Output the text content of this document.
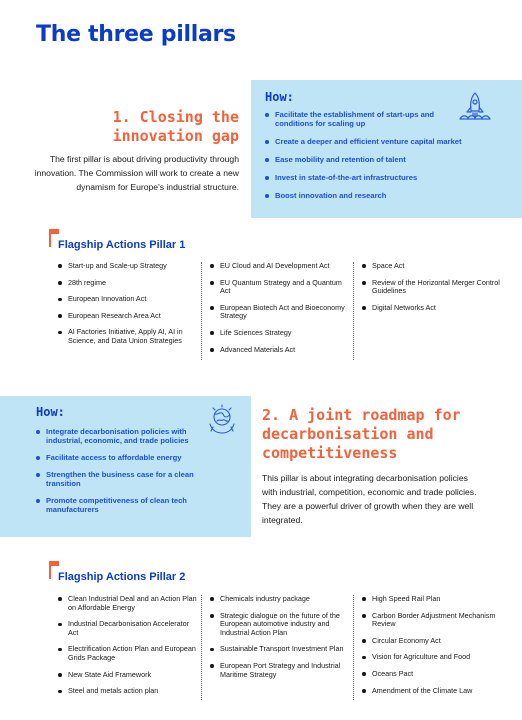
The three pillars
1. Closing the
innovation gap
The first pillar is about driving productivity through innovation. The Commission will work to create a new dynamism for Europe's industrial structure.
How:
Facilitate the establishment of start-ups and conditions for scaling up
Create a deeper and efficient venture capital market
Ease mobility and retention of talent
Invest in state-of-the-art infrastructures
Boost innovation and research
Flagship Actions Pillar 1
Start-up and Scale-up Strategy
28th regime
European Innovation Act
European Research Area Act
AI Factories Initiative, Apply AI, AI in Science, and Data Union Strategies
EU Cloud and AI Development Act
EU Quantum Strategy and a Quantum Act
European Biotech Act and Bioeconomy Strategy
Life Sciences Strategy
Advanced Materials Act
Space Act
Review of the Horizontal Merger Control Guidelines
Digital Networks Act
How:
Integrate decarbonisation policies with industrial, economic, and trade policies
Facilitate access to affordable energy
Strengthen the business case for a clean transition
Promote competitiveness of clean tech manufacturers
2. A joint roadmap for
decarbonisation and
competitiveness
This pillar is about integrating decarbonisation policies with industrial, competition, economic and trade policies. They are a powerful driver of growth when they are well integrated.
Flagship Actions Pillar 2
Clean Industrial Deal and an Action Plan on Affordable Energy
Industrial Decarbonisation Accelerator Act
Electrification Action Plan and European Grids Package
New State Aid Framework
Steel and metals action plan
Chemicals industry package
Strategic dialogue on the future of the European automotive industry and Industrial Action Plan
Sustainable Transport Investment Plan
European Port Strategy and Industrial Maritime Strategy
High Speed Rail Plan
Carbon Border Adjustment Mechanism Review
Circular Economy Act
Vision for Agriculture and Food
Oceans Pact
Amendment of the Climate Law
